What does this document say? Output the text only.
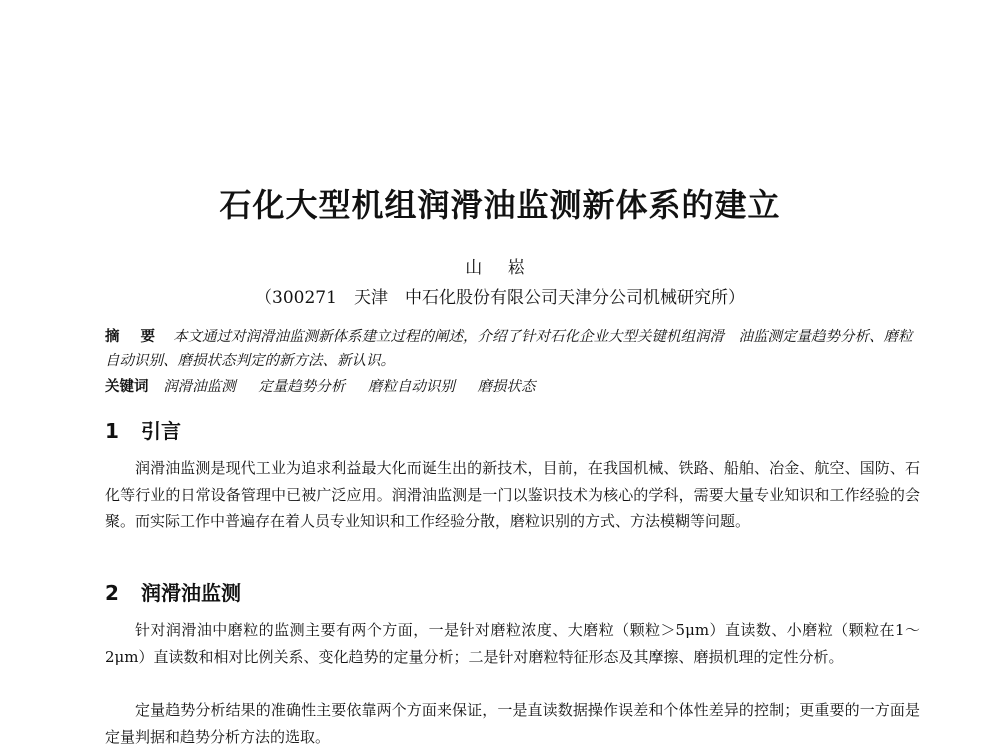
石化大型机组润滑油监测新体系的建立
山 崧
（300271　天津　中石化股份有限公司天津分公司机械研究所）
摘 要 本文通过对润滑油监测新体系建立过程的阐述，介绍了针对石化企业大型关键机组润滑　油监测定量趋势分析、磨粒自动识别、磨损状态判定的新方法、新认识。
关键词 润滑油监测 定量趋势分析 磨粒自动识别 磨损状态
1 引言
润滑油监测是现代工业为追求利益最大化而诞生出的新技术，目前，在我国机械、铁路、船舶、冶金、航空、国防、石化等行业的日常设备管理中已被广泛应用。润滑油监测是一门以鉴识技术为核心的学科，需要大量专业知识和工作经验的会聚。而实际工作中普遍存在着人员专业知识和工作经验分散，磨粒识别的方式、方法模糊等问题。
2 润滑油监测
针对润滑油中磨粒的监测主要有两个方面，一是针对磨粒浓度、大磨粒（颗粒＞5μm）直读数、小磨粒（颗粒在1～2μm）直读数和相对比例关系、变化趋势的定量分析；二是针对磨粒特征形态及其摩擦、磨损机理的定性分析。
定量趋势分析结果的准确性主要依靠两个方面来保证，一是直读数据操作误差和个体性差异的控制；更重要的一方面是定量判据和趋势分析方法的选取。
